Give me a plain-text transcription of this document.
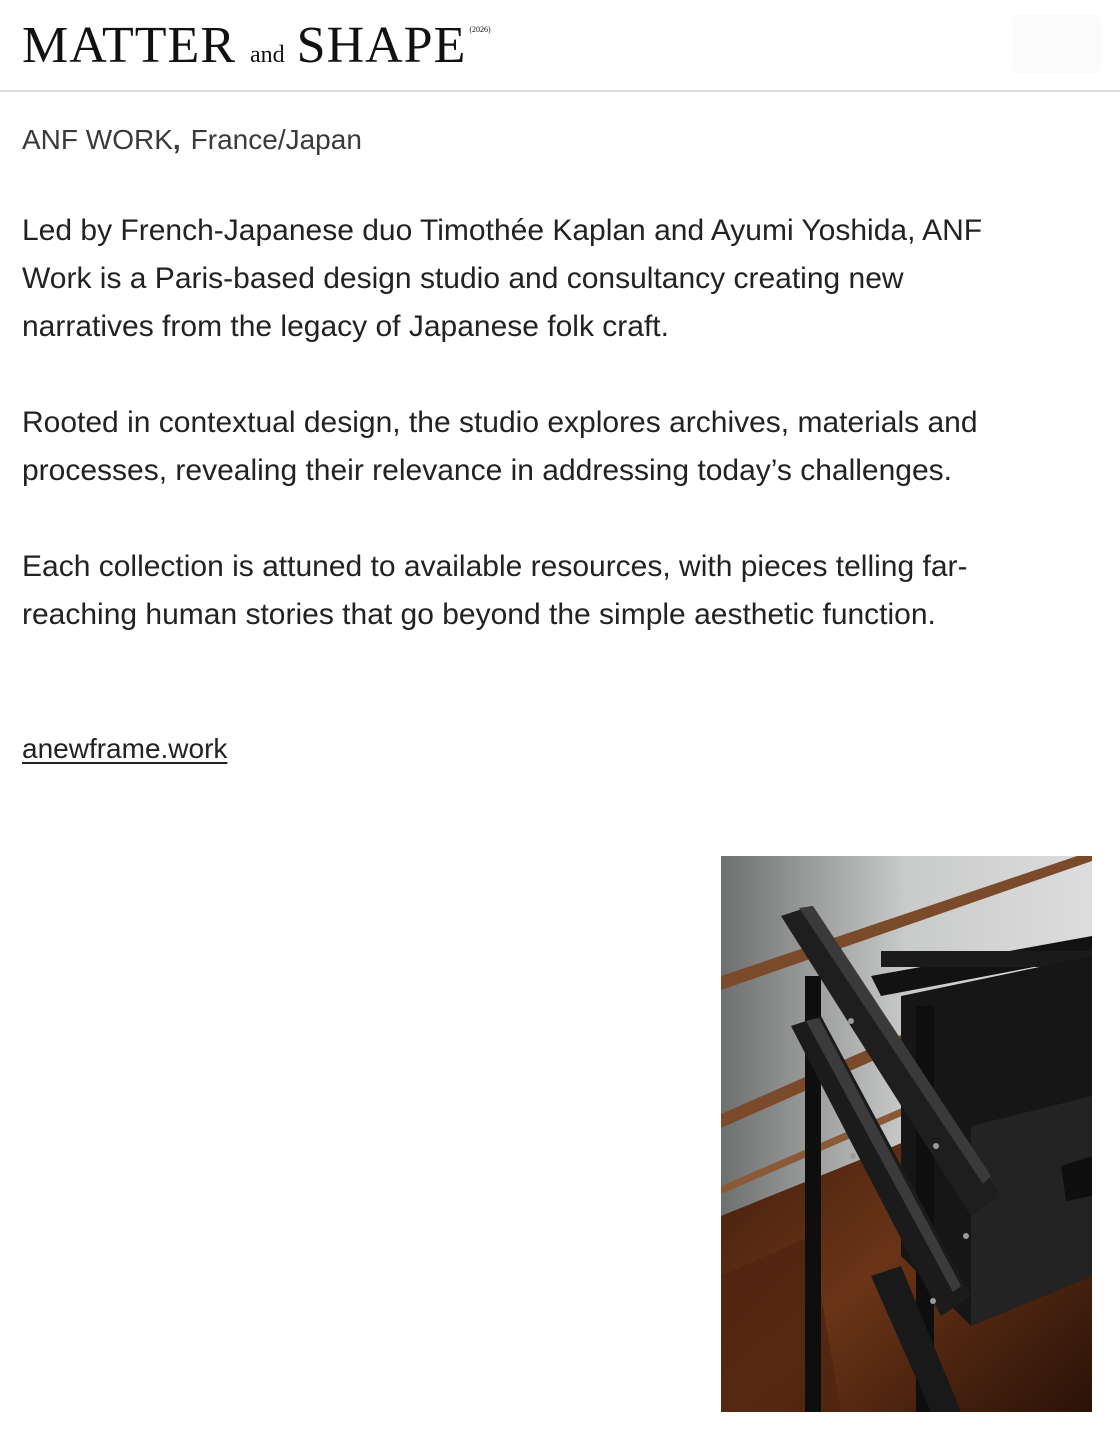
MATTER and SHAPE $^{(2026)}$
ANF WORK, France/Japan

Led by French-Japanese duo Timothée Kaplan and Ayumi Yoshida, ANF Work is a Paris-based design studio and consultancy creating new narratives from the legacy of Japanese folk craft.

Rooted in contextual design, the studio explores archives, materials and processes, revealing their relevance in addressing today’s challenges.

Each collection is attuned to available resources, with pieces telling far-reaching human stories that go beyond the simple aesthetic function.

anewframe.work
